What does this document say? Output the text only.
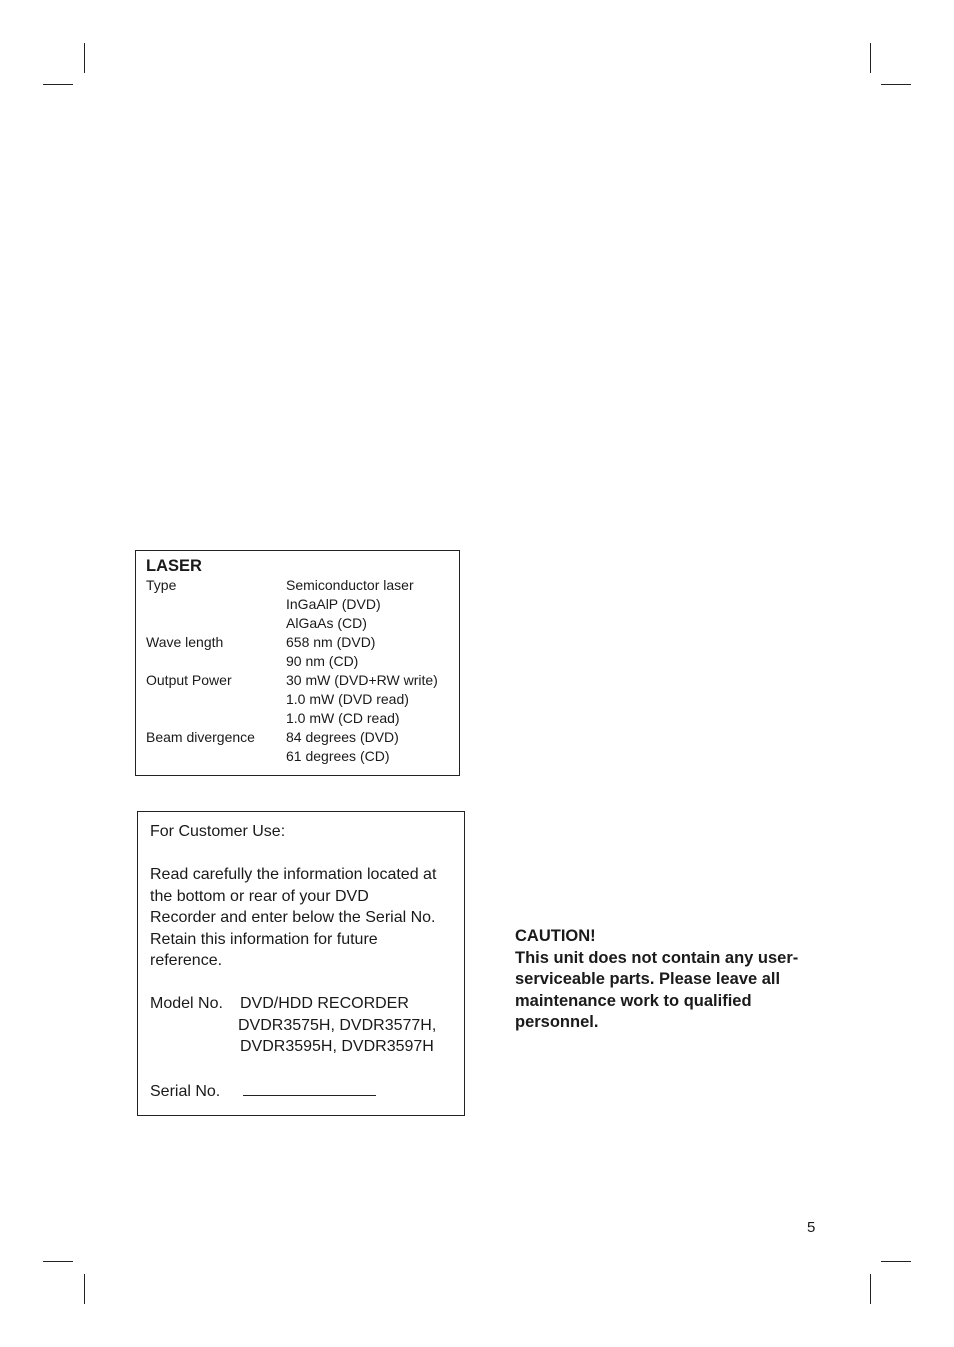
LASER
Type	Semiconductor laser
InGaAlP (DVD)
AlGaAs (CD)
Wave length	658 nm (DVD)
90 nm (CD)
Output Power	30 mW (DVD+RW write)
1.0 mW (DVD read)
1.0 mW (CD read)
Beam divergence	84 degrees (DVD)
61 degrees (CD)

For Customer Use:

Read carefully the information located at
the bottom or rear of your DVD
Recorder and enter below the Serial No.
Retain this information for future
reference.
Model No.	DVD/HDD RECORDER
DVDR3575H, DVDR3577H,
DVDR3595H, DVDR3597H
Serial No.
CAUTION!
This unit does not contain any user-
serviceable parts. Please leave all
maintenance work to qualified
personnel.
5
